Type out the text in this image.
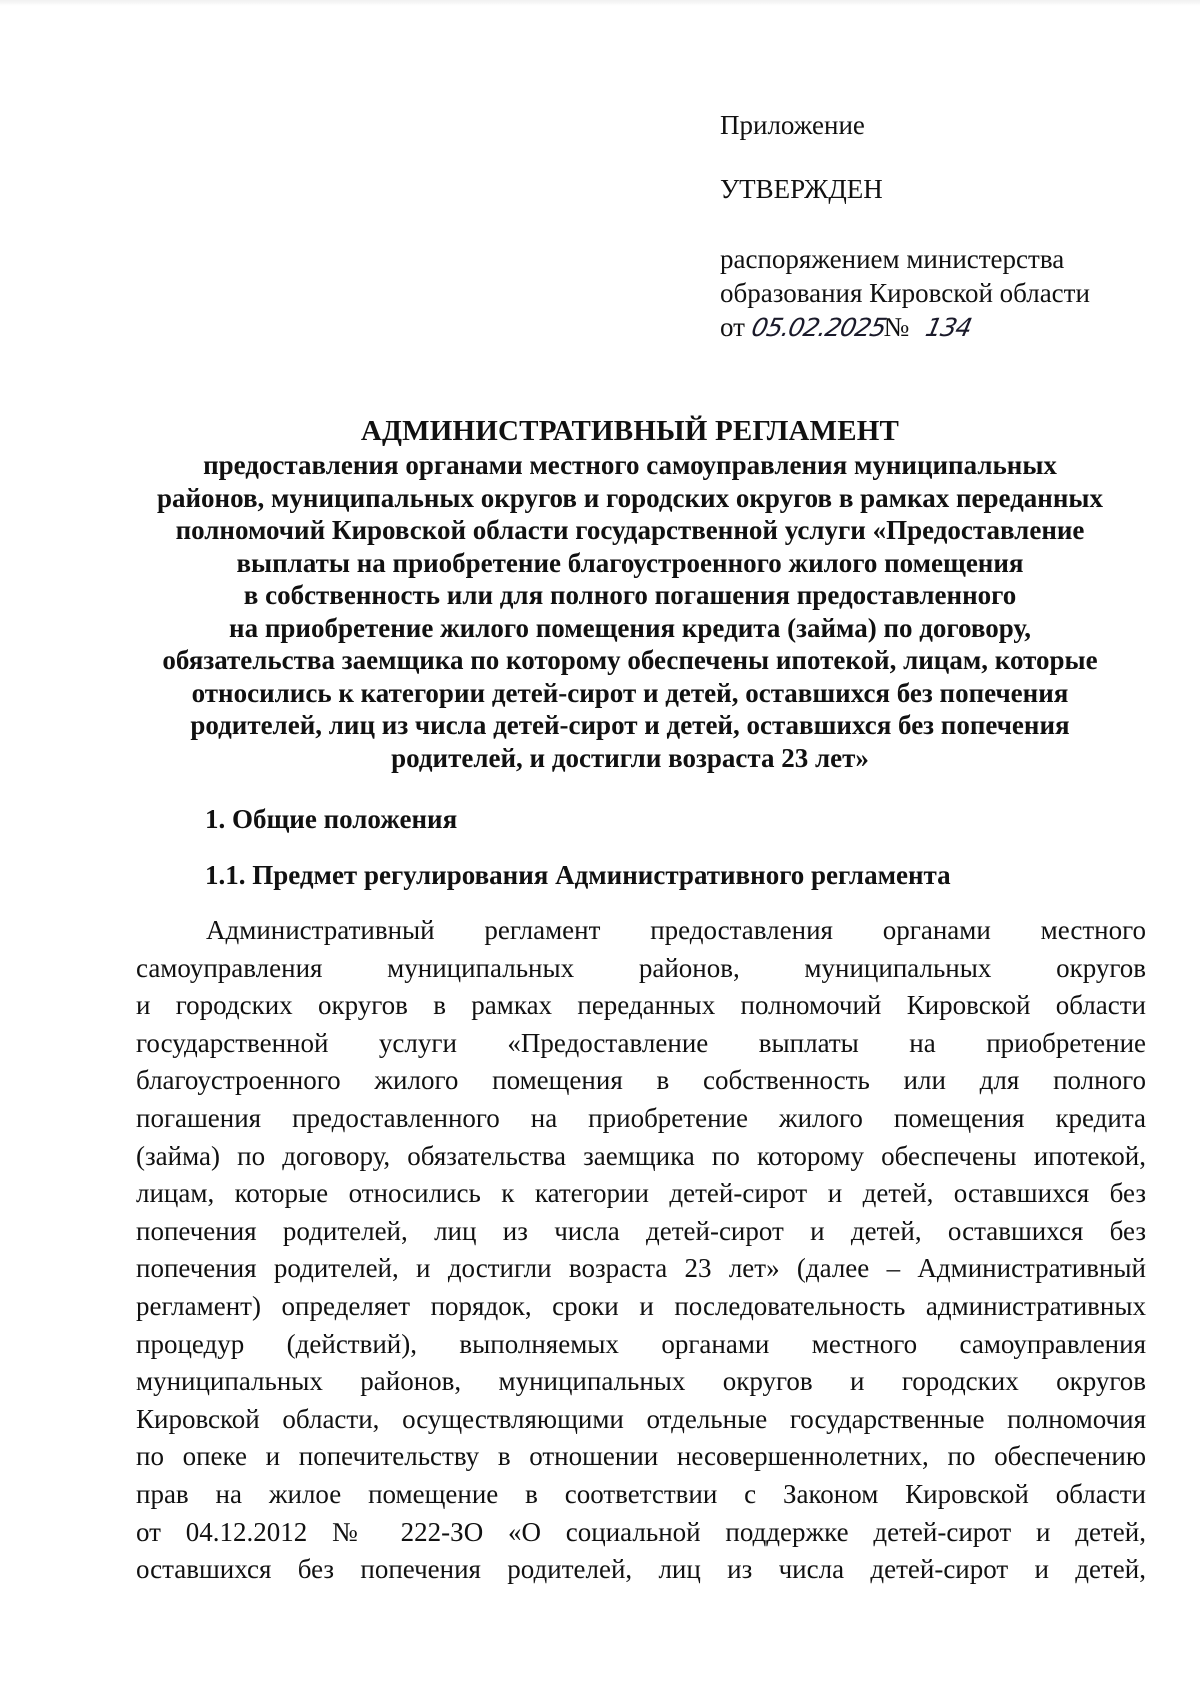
Приложение
УТВЕРЖДЕН
распоряжением министерства
образования Кировской области
от 05.02.2025 № 134
АДМИНИСТРАТИВНЫЙ РЕГЛАМЕНТ
предоставления органами местного самоуправления муниципальных
районов, муниципальных округов и городских округов в рамках переданных
полномочий Кировской области государственной услуги «Предоставление
выплаты на приобретение благоустроенного жилого помещения
в собственность или для полного погашения предоставленного
на приобретение жилого помещения кредита (займа) по договору,
обязательства заемщика по которому обеспечены ипотекой, лицам, которые
относились к категории детей-сирот и детей, оставшихся без попечения
родителей, лиц из числа детей-сирот и детей, оставшихся без попечения
родителей, и достигли возраста 23 лет»
1. Общие положения
1.1. Предмет регулирования Административного регламента
Административный регламент предоставления органами местного
самоуправления муниципальных районов, муниципальных округов
и городских округов в рамках переданных полномочий Кировской области
государственной услуги «Предоставление выплаты на приобретение
благоустроенного жилого помещения в собственность или для полного
погашения предоставленного на приобретение жилого помещения кредита
(займа) по договору, обязательства заемщика по которому обеспечены ипотекой,
лицам, которые относились к категории детей-сирот и детей, оставшихся без
попечения родителей, лиц из числа детей-сирот и детей, оставшихся без
попечения родителей, и достигли возраста 23 лет» (далее – Административный
регламент) определяет порядок, сроки и последовательность административных
процедур (действий), выполняемых органами местного самоуправления
муниципальных районов, муниципальных округов и городских округов
Кировской области, осуществляющими отдельные государственные полномочия
по опеке и попечительству в отношении несовершеннолетних, по обеспечению
прав на жилое помещение в соответствии с Законом Кировской области
от 04.12.2012 № 222-ЗО «О социальной поддержке детей-сирот и детей,
оставшихся без попечения родителей, лиц из числа детей-сирот и детей,
